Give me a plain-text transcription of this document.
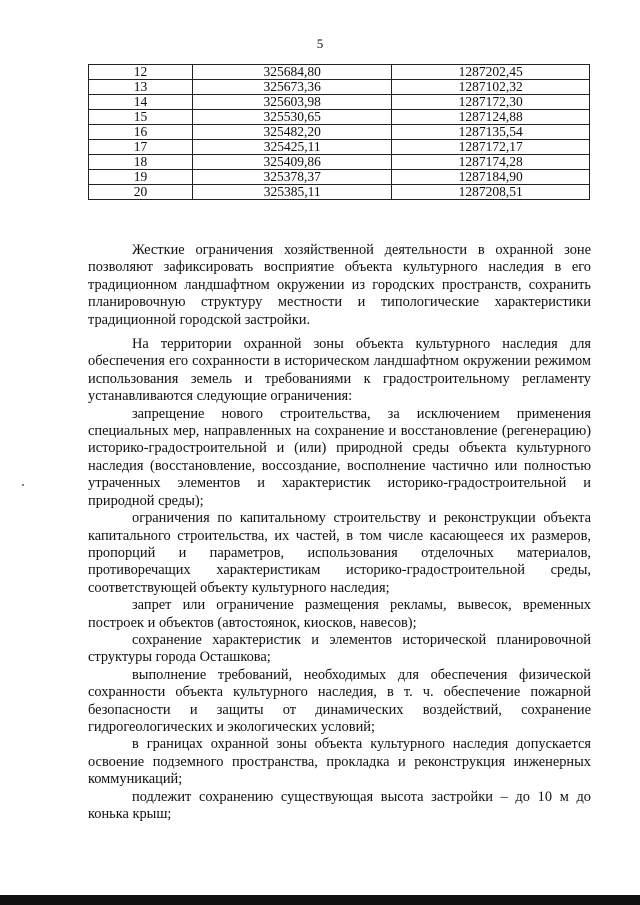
5
12	325684,80	1287202,45
13	325673,36	1287102,32
14	325603,98	1287172,30
15	325530,65	1287124,88
16	325482,20	1287135,54
17	325425,11	1287172,17
18	325409,86	1287174,28
19	325378,37	1287184,90
20	325385,11	1287208,51

Жесткие ограничения хозяйственной деятельности в охранной зоне позволяют зафиксировать восприятие объекта культурного наследия в его традиционном ландшафтном окружении из городских пространств, сохранить планировочную структуру местности и типологические характеристики традиционной городской застройки.

На территории охранной зоны объекта культурного наследия для обеспечения его сохранности в историческом ландшафтном окружении режимом использования земель и требованиями к градостроительному регламенту устанавливаются следующие ограничения:

запрещение нового строительства, за исключением применения специальных мер, направленных на сохранение и восстановление (регенерацию) историко-градостроительной и (или) природной среды объекта культурного наследия (восстановление, воссоздание, восполнение частично или полностью утраченных элементов и характеристик историко-градостроительной и природной среды);

ограничения по капитальному строительству и реконструкции объекта капитального строительства, их частей, в том числе касающееся их размеров, пропорций и параметров, использования отделочных материалов, противоречащих характеристикам историко-градостроительной среды, соответствующей объекту культурного наследия;

запрет или ограничение размещения рекламы, вывесок, временных построек и объектов (автостоянок, киосков, навесов);

сохранение характеристик и элементов исторической планировочной структуры города Осташкова;

выполнение требований, необходимых для обеспечения физической сохранности объекта культурного наследия, в т. ч. обеспечение пожарной безопасности и защиты от динамических воздействий, сохранение гидрогеологических и экологических условий;

в границах охранной зоны объекта культурного наследия допускается освоение подземного пространства, прокладка и реконструкция инженерных коммуникаций;

подлежит сохранению существующая высота застройки – до 10 м до конька крыш;
